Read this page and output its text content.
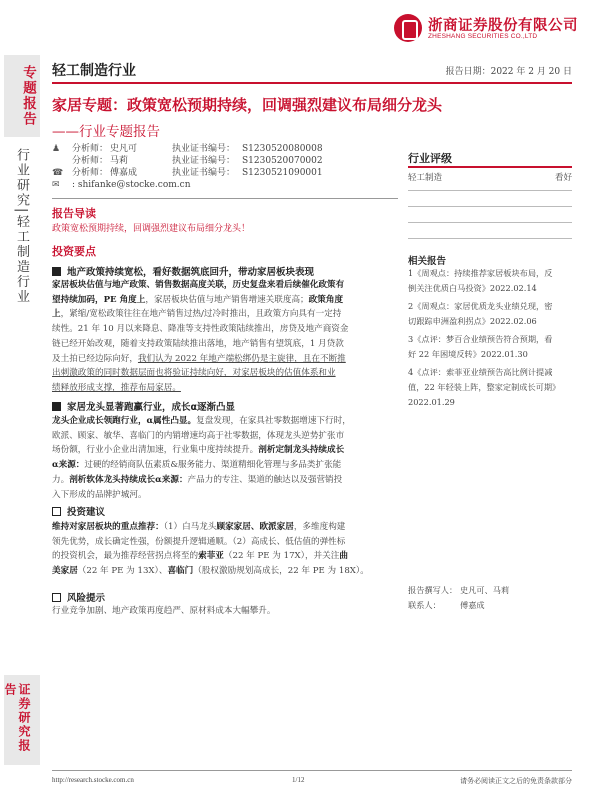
浙商证券股份有限公司
ZHESHANG SECURITIES CO.,LTD
专题报告
行业研究|轻工制造行业
证券研究报告
轻工制造行业	报告日期：2022 年 2 月 20 日
家居专题：政策宽松预期持续，回调强烈建议布局细分龙头
——行业专题报告
♟	分析师： 史凡可	执业证书编号： S1230520080008
分析师： 马莉	执业证书编号： S1230520070002
☎ 分析师： 傅嘉成	执业证书编号： S1230521090001
✉	: shifanke@stocke.com.cn
报告导读
政策宽松预期持续，回调强烈建议布局细分龙头！
投资要点
地产政策持续宽松，看好数据筑底回升，带动家居板块表现
家居板块估值与地产政策、销售数据高度关联，历史复盘来看后续催化政策有
望持续加码，PE 角度上，家居板块估值与地产销售增速关联度高；政策角度
上，紧缩/宽松政策往往在地产销售过热/过冷时推出，且政策方向具有一定持
续性。21 年 10 月以来降息、降准等支持性政策陆续推出，房贷及地产商资金
链已经开始改观，随着支持政策陆续推出落地，地产销售有望筑底，1 月贷款
及土拍已经边际向好，我们认为 2022 年地产端松绑仍是主旋律，且在不断推
出刺激政策的同时数据层面也将验证持续向好，对家居板块的估值体系和业
绩释放形成支撑，推荐布局家居。
家居龙头显著跑赢行业，成长α逐渐凸显
龙头企业成长领跑行业，α属性凸显。复盘发现，在家具社零数据增速下行时，
欧派、顾家、敏华、喜临门的内销增速均高于社零数据，体现龙头逆势扩张市
场份额，行业小企业出清加速，行业集中度持续提升。剖析定制龙头持续成长
α来源：过硬的经销商队伍素质&服务能力、渠道精细化管理与多品类扩张能
力。剖析软体龙头持续成长α来源：产品力的专注、渠道的触达以及强营销投
入下形成的品牌护城河。
投资建议
维持对家居板块的重点推荐：（1）白马龙头顾家家居、欧派家居，多维度构建
领先优势，成长确定性强，份额提升逻辑通顺。（2）高成长、低估值的弹性标
的投资机会，最为推荐经营拐点将至的索菲亚（22 年 PE 为 17X），并关注曲
美家居（22 年 PE 为 13X）、喜临门（股权激励规划高成长，22 年 PE 为 18X）。
风险提示
行业竞争加剧、地产政策再度趋严、原材料成本大幅攀升。
行业评级
轻工制造	看好
相关报告
1《周观点：持续推荐家居板块布局，反
倒关注优质白马投资》2022.02.14
2《周观点：家居优质龙头业绩兑现，密
切跟踪申洲盈利拐点》2022.02.06
3《点评：梦百合业绩预告符合预期，看
好 22 年困境反转》2022.01.30
4《点评：索菲亚业绩预告高比例计提减
值，22 年轻装上阵，整家定制成长可期》
2022.01.29
报告撰写人： 史凡可、马莉
联系人： 傅嘉成
http://research.stocke.com.cn	1/12	请务必阅读正文之后的免责条款部分
